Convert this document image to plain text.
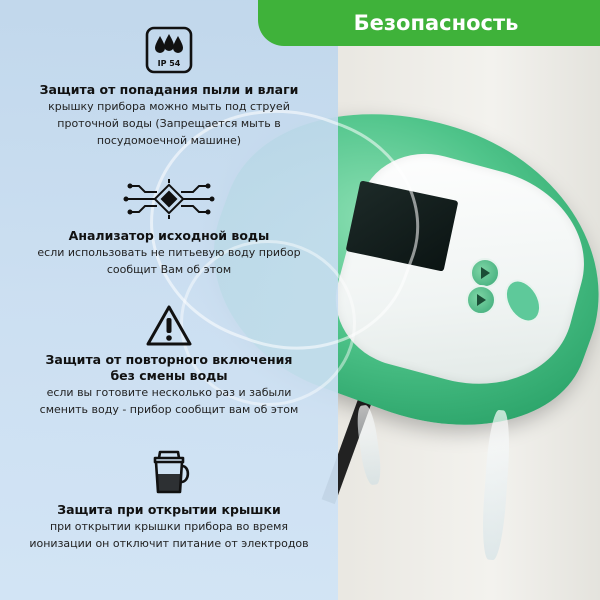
Безопасность
IP 54
Защита от попадания пыли и влаги
крышку прибора можно мыть под струей
проточной воды (Запрещается мыть в
посудомоечной машине)
Анализатор исходной воды
если использовать не питьевую воду прибор
сообщит Вам об этом
Защита от повторного включения
без смены воды
если вы готовите несколько раз и забыли
сменить воду - прибор сообщит вам об этом
Защита при открытии крышки
при открытии крышки прибора во время
ионизации он отключит питание от электродов
